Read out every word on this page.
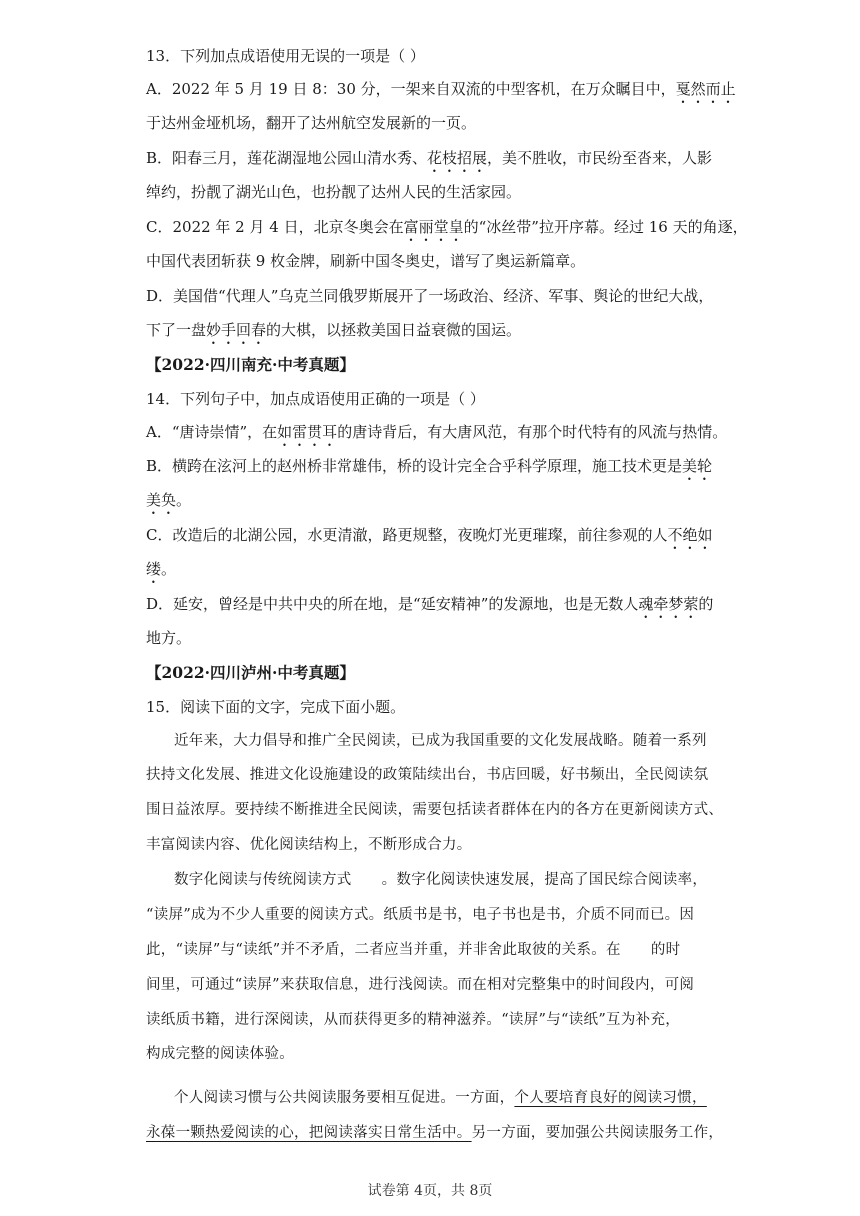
13．下列加点成语使用无误的一项是（ ）
A．2022 年 5 月 19 日 8：30 分，一架来自双流的中型客机，在万众瞩目中，戛然而止
于达州金垭机场，翻开了达州航空发展新的一页。
B．阳春三月，莲花湖湿地公园山清水秀、花枝招展，美不胜收，市民纷至沓来，人影
绰约，扮靓了湖光山色，也扮靓了达州人民的生活家园。
C．2022 年 2 月 4 日，北京冬奥会在富丽堂皇的“冰丝带”拉开序幕。经过 16 天的角逐，
中国代表团斩获 9 枚金牌，刷新中国冬奥史，谱写了奥运新篇章。
D．美国借“代理人”乌克兰同俄罗斯展开了一场政治、经济、军事、舆论的世纪大战，
下了一盘妙手回春的大棋，以拯救美国日益衰微的国运。
【2022·四川南充·中考真题】
14．下列句子中，加点成语使用正确的一项是（ ）
A．“唐诗崇情”，在如雷贯耳的唐诗背后，有大唐风范，有那个时代特有的风流与热情。
B．横跨在泫河上的赵州桥非常雄伟，桥的设计完全合乎科学原理，施工技术更是美轮
美奂。
C．改造后的北湖公园，水更清澈，路更规整，夜晚灯光更璀璨，前往参观的人不绝如
缕。
D．延安，曾经是中共中央的所在地，是“延安精神”的发源地，也是无数人魂牵梦萦的
地方。
【2022·四川泸州·中考真题】
15．阅读下面的文字，完成下面小题。
近年来，大力倡导和推广全民阅读，已成为我国重要的文化发展战略。随着一系列
扶持文化发展、推进文化设施建设的政策陆续出台，书店回暖，好书频出，全民阅读氛
围日益浓厚。要持续不断推进全民阅读，需要包括读者群体在内的各方在更新阅读方式、
丰富阅读内容、优化阅读结构上，不断形成合力。
数字化阅读与传统阅读方式 。数字化阅读快速发展，提高了国民综合阅读率，
“读屏”成为不少人重要的阅读方式。纸质书是书，电子书也是书，介质不同而已。因
此，“读屏”与“读纸”并不矛盾，二者应当并重，并非舍此取彼的关系。在 的时
间里，可通过“读屏”来获取信息，进行浅阅读。而在相对完整集中的时间段内，可阅
读纸质书籍，进行深阅读，从而获得更多的精神滋养。“读屏”与“读纸”互为补充，
构成完整的阅读体验。
个人阅读习惯与公共阅读服务要相互促进。一方面，个人要培育良好的阅读习惯，
永葆一颗热爱阅读的心，把阅读落实日常生活中。另一方面，要加强公共阅读服务工作，
试卷第 4页，共 8页
